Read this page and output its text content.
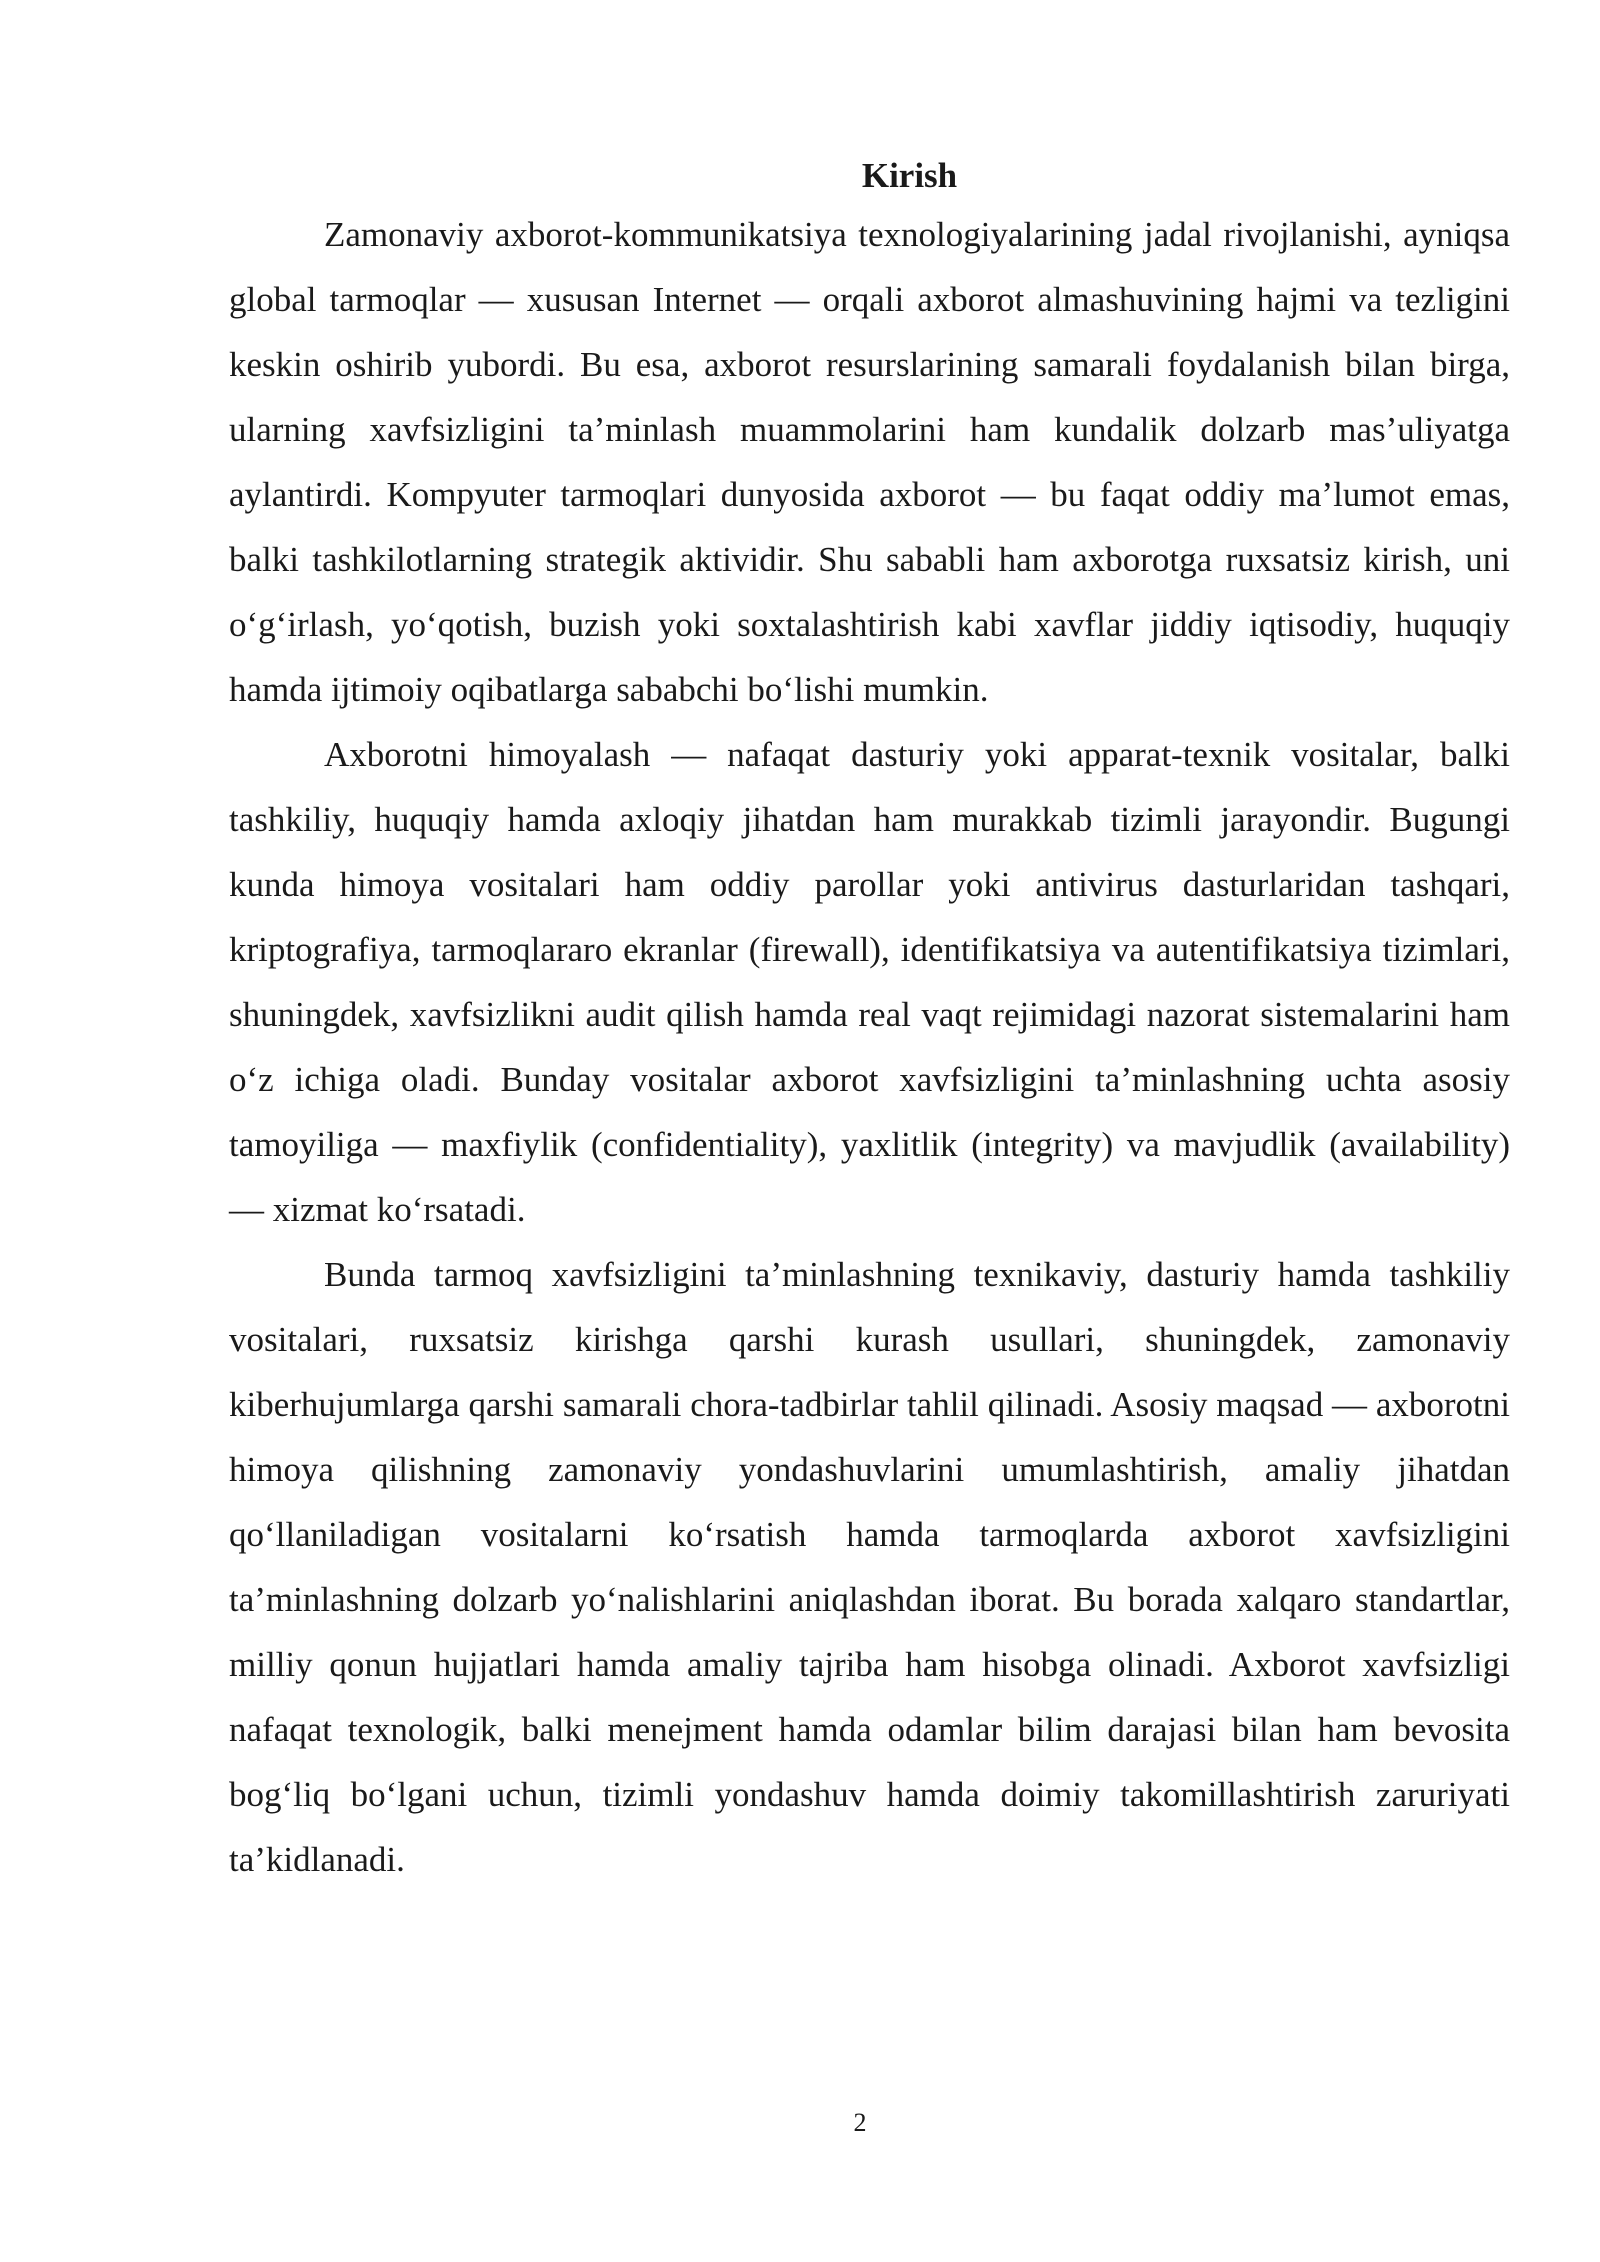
Kirish

Zamonaviy axborot-kommunikatsiya texnologiyalarining jadal rivojlanishi, ayniqsa global tarmoqlar — xususan Internet — orqali axborot almashuvining hajmi va tezligini keskin oshirib yubordi. Bu esa, axborot resurslarining samarali foydalanish bilan birga, ularning xavfsizligini ta’minlash muammolarini ham kundalik dolzarb mas’uliyatga aylantirdi. Kompyuter tarmoqlari dunyosida axborot — bu faqat oddiy ma’lumot emas, balki tashkilotlarning strategik aktividir. Shu sababli ham axborotga ruxsatsiz kirish, uni o‘g‘irlash, yo‘qotish, buzish yoki soxtalashtirish kabi xavflar jiddiy iqtisodiy, huquqiy hamda ijtimoiy oqibatlarga sababchi bo‘lishi mumkin.

Axborotni himoyalash — nafaqat dasturiy yoki apparat-texnik vositalar, balki tashkiliy, huquqiy hamda axloqiy jihatdan ham murakkab tizimli jarayondir. Bugungi kunda himoya vositalari ham oddiy parollar yoki antivirus dasturlaridan tashqari, kriptografiya, tarmoqlararo ekranlar (firewall), identifikatsiya va autentifikatsiya tizimlari, shuningdek, xavfsizlikni audit qilish hamda real vaqt rejimidagi nazorat sistemalarini ham o‘z ichiga oladi. Bunday vositalar axborot xavfsizligini ta’minlashning uchta asosiy tamoyiliga — maxfiylik (confidentiality), yaxlitlik (integrity) va mavjudlik (availability) — xizmat ko‘rsatadi.

Bunda tarmoq xavfsizligini ta’minlashning texnikaviy, dasturiy hamda tashkiliy vositalari, ruxsatsiz kirishga qarshi kurash usullari, shuningdek, zamonaviy kiberhujumlarga qarshi samarali chora-tadbirlar tahlil qilinadi. Asosiy maqsad — axborotni himoya qilishning zamonaviy yondashuvlarini umumlashtirish, amaliy jihatdan qo‘llaniladigan vositalarni ko‘rsatish hamda tarmoqlarda axborot xavfsizligini ta’minlashning dolzarb yo‘nalishlarini aniqlashdan iborat. Bu borada xalqaro standartlar, milliy qonun hujjatlari hamda amaliy tajriba ham hisobga olinadi. Axborot xavfsizligi nafaqat texnologik, balki menejment hamda odamlar bilim darajasi bilan ham bevosita bog‘liq bo‘lgani uchun, tizimli yondashuv hamda doimiy takomillashtirish zaruriyati ta’kidlanadi.

2
